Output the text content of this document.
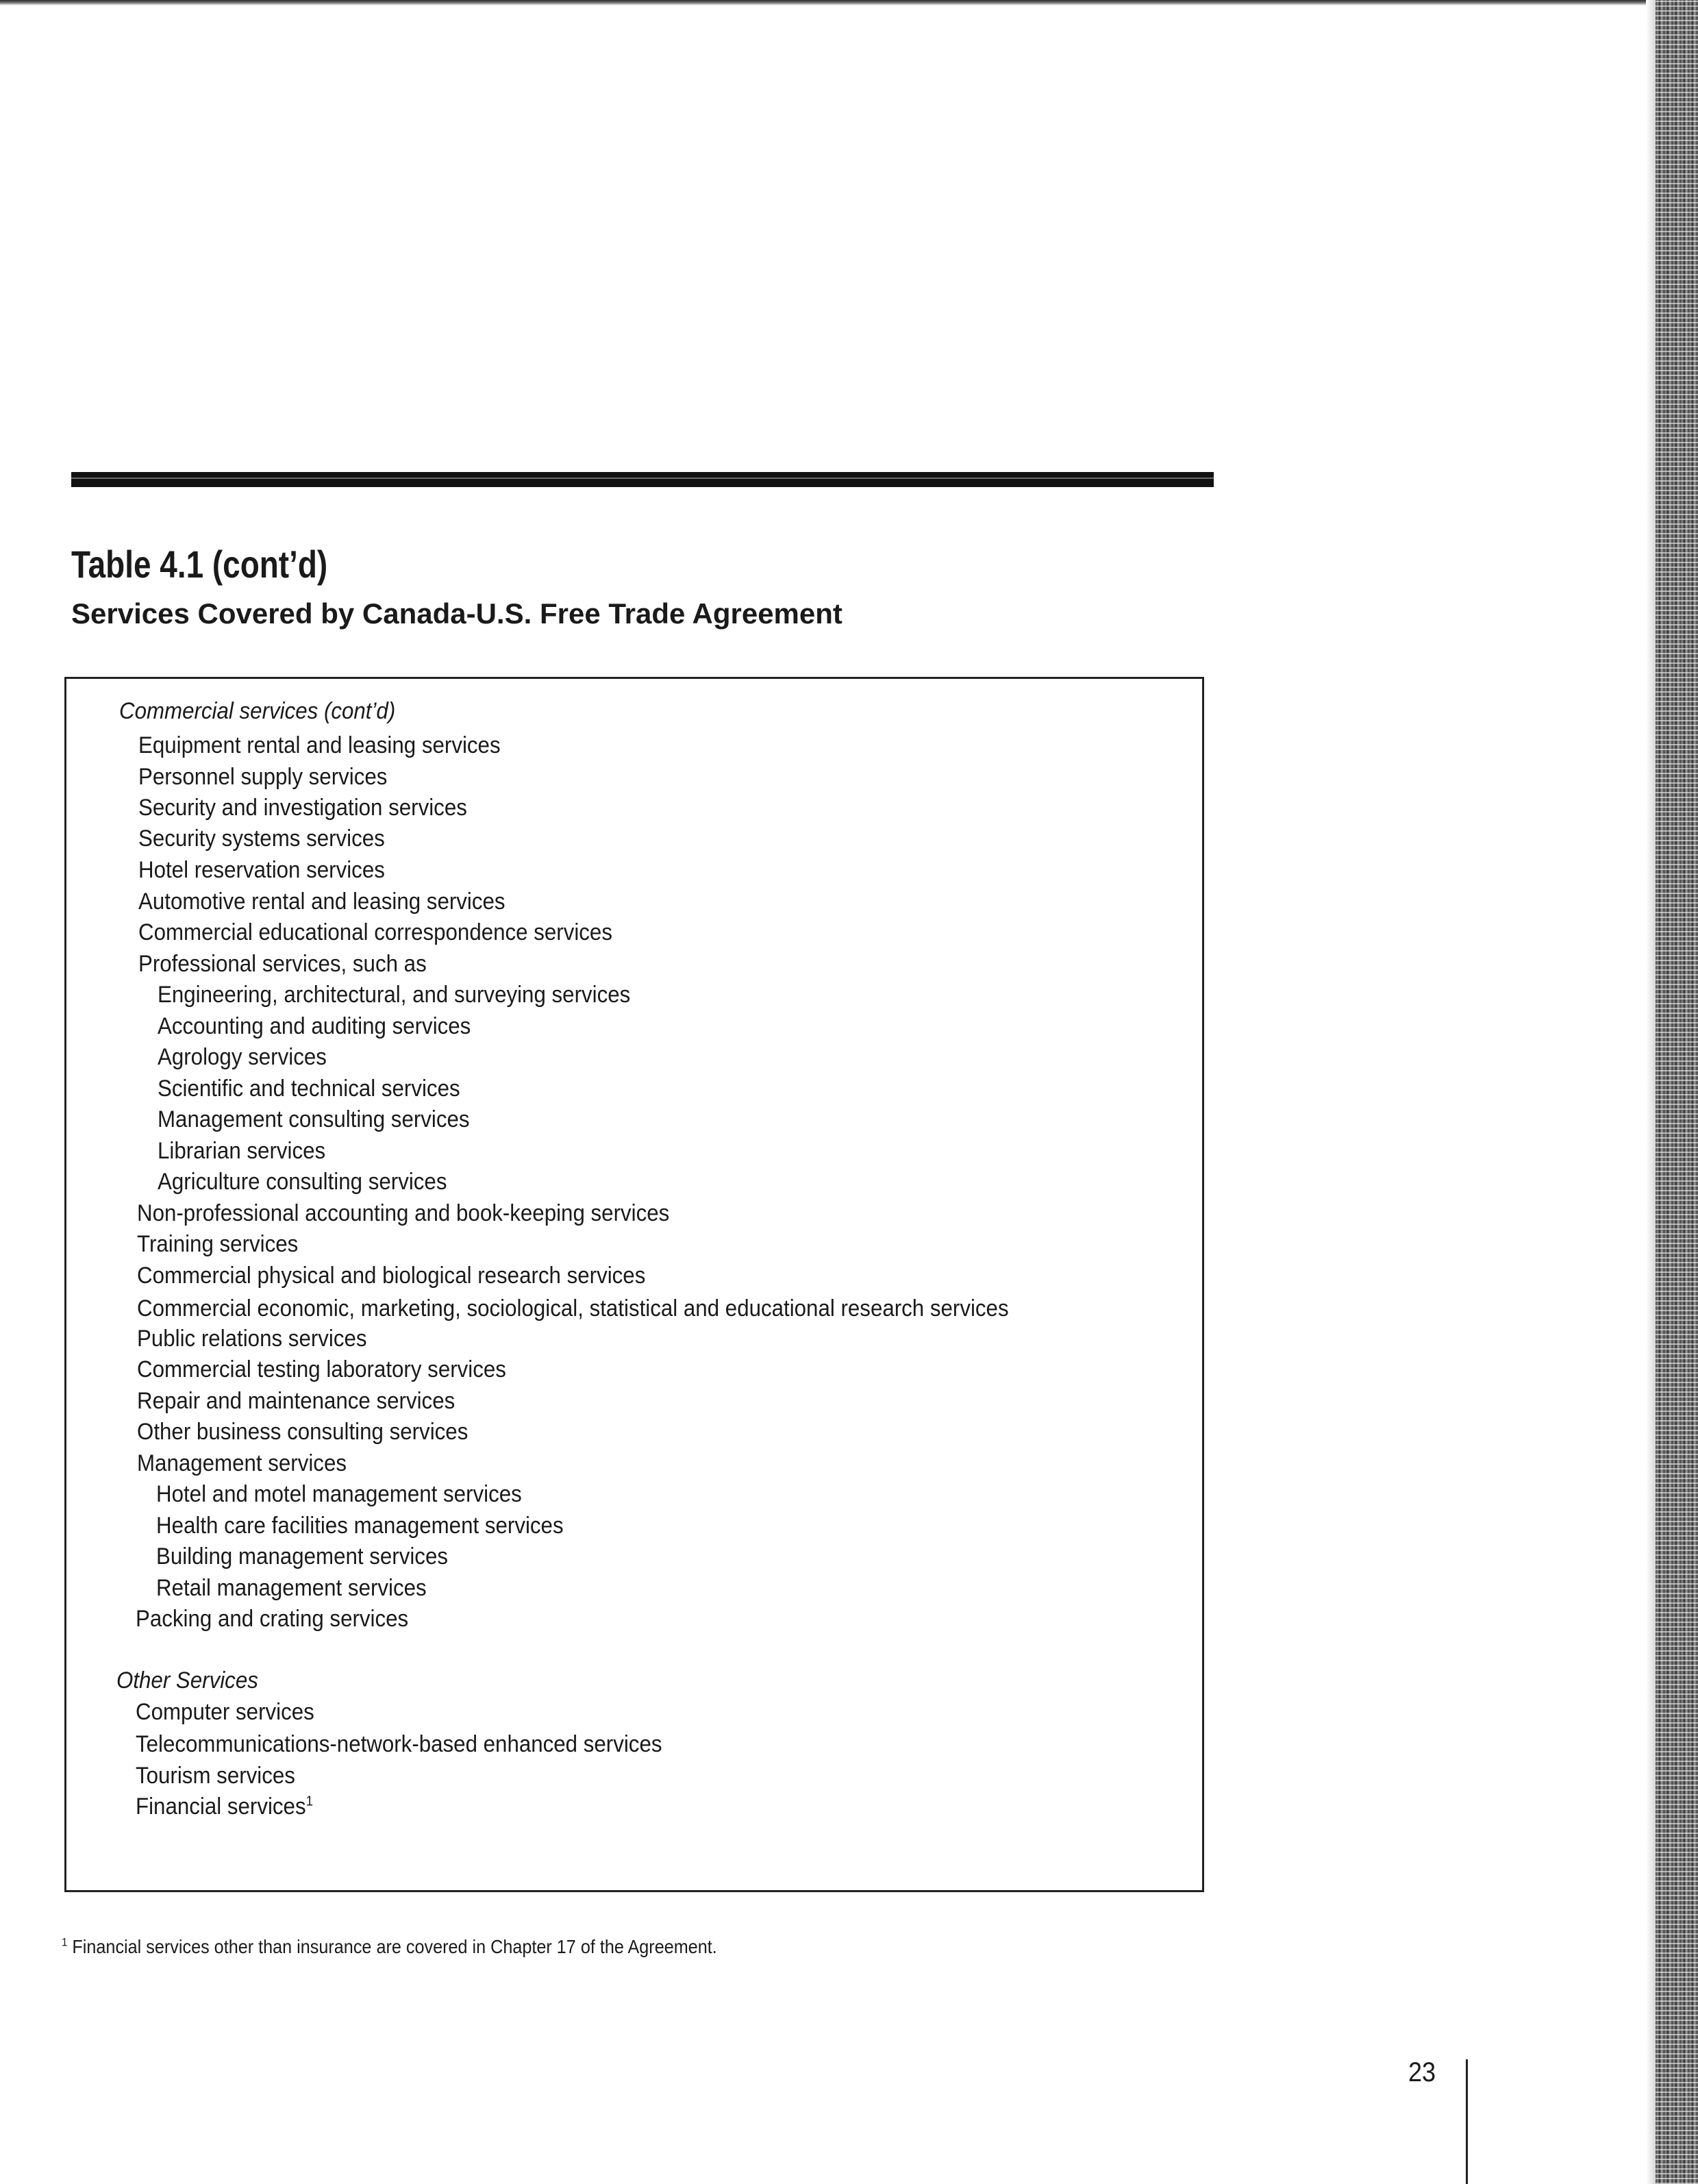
Table 4.1 (cont’d)
Services Covered by Canada-U.S. Free Trade Agreement
Commercial services (cont’d)
Equipment rental and leasing services
Personnel supply services
Security and investigation services
Security systems services
Hotel reservation services
Automotive rental and leasing services
Commercial educational correspondence services
Professional services, such as
Engineering, architectural, and surveying services
Accounting and auditing services
Agrology services
Scientific and technical services
Management consulting services
Librarian services
Agriculture consulting services
Non-professional accounting and book-keeping services
Training services
Commercial physical and biological research services
Commercial economic, marketing, sociological, statistical and educational research services
Public relations services
Commercial testing laboratory services
Repair and maintenance services
Other business consulting services
Management services
Hotel and motel management services
Health care facilities management services
Building management services
Retail management services
Packing and crating services
Other Services
Computer services
Telecommunications-network-based enhanced services
Tourism services
Financial services$^1$
$^1$ Financial services other than insurance are covered in Chapter 17 of the Agreement.
23
